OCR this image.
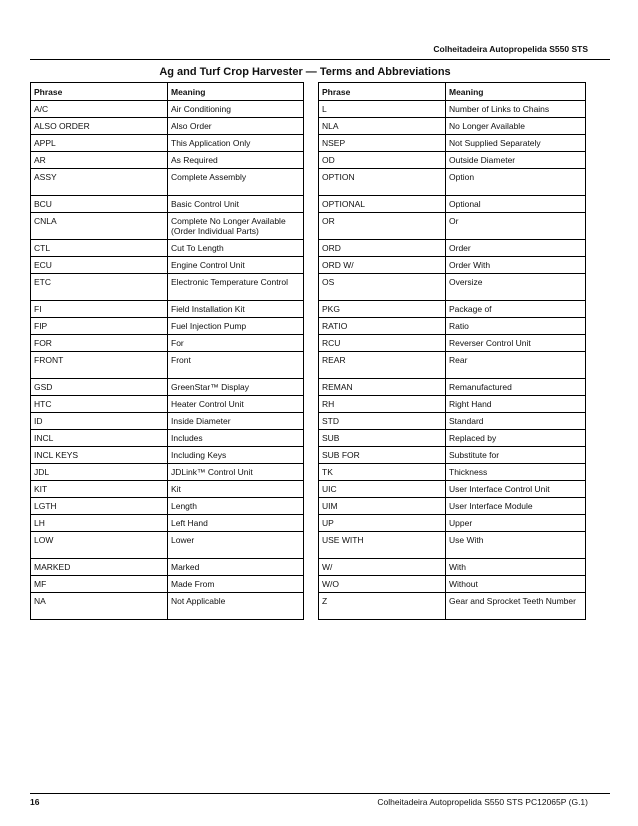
Colheitadeira Autopropelida S550 STS
Ag and Turf Crop Harvester — Terms and Abbreviations
Phrase	Meaning		Phrase	Meaning
A/C	Air Conditioning		L	Number of Links to Chains
ALSO ORDER	Also Order		NLA	No Longer Available
APPL	This Application Only		NSEP	Not Supplied Separately
AR	As Required		OD	Outside Diameter
ASSY	Complete Assembly		OPTION	Option
BCU	Basic Control Unit		OPTIONAL	Optional
CNLA	Complete No Longer Available (Order Individual Parts)		OR	Or
CTL	Cut To Length		ORD	Order
ECU	Engine Control Unit		ORD W/	Order With
ETC	Electronic Temperature Control		OS	Oversize
FI	Field Installation Kit		PKG	Package of
FIP	Fuel Injection Pump		RATIO	Ratio
FOR	For		RCU	Reverser Control Unit
FRONT	Front		REAR	Rear
GSD	GreenStar™ Display		REMAN	Remanufactured
HTC	Heater Control Unit		RH	Right Hand
ID	Inside Diameter		STD	Standard
INCL	Includes		SUB	Replaced by
INCL KEYS	Including Keys		SUB FOR	Substitute for
JDL	JDLink™ Control Unit		TK	Thickness
KIT	Kit		UIC	User Interface Control Unit
LGTH	Length		UIM	User Interface Module
LH	Left Hand		UP	Upper
LOW	Lower		USE WITH	Use With
MARKED	Marked		W/	With
MF	Made From		W/O	Without
NA	Not Applicable		Z	Gear and Sprocket Teeth Number
16	Colheitadeira Autopropelida S550 STS PC12065P (G.1)
